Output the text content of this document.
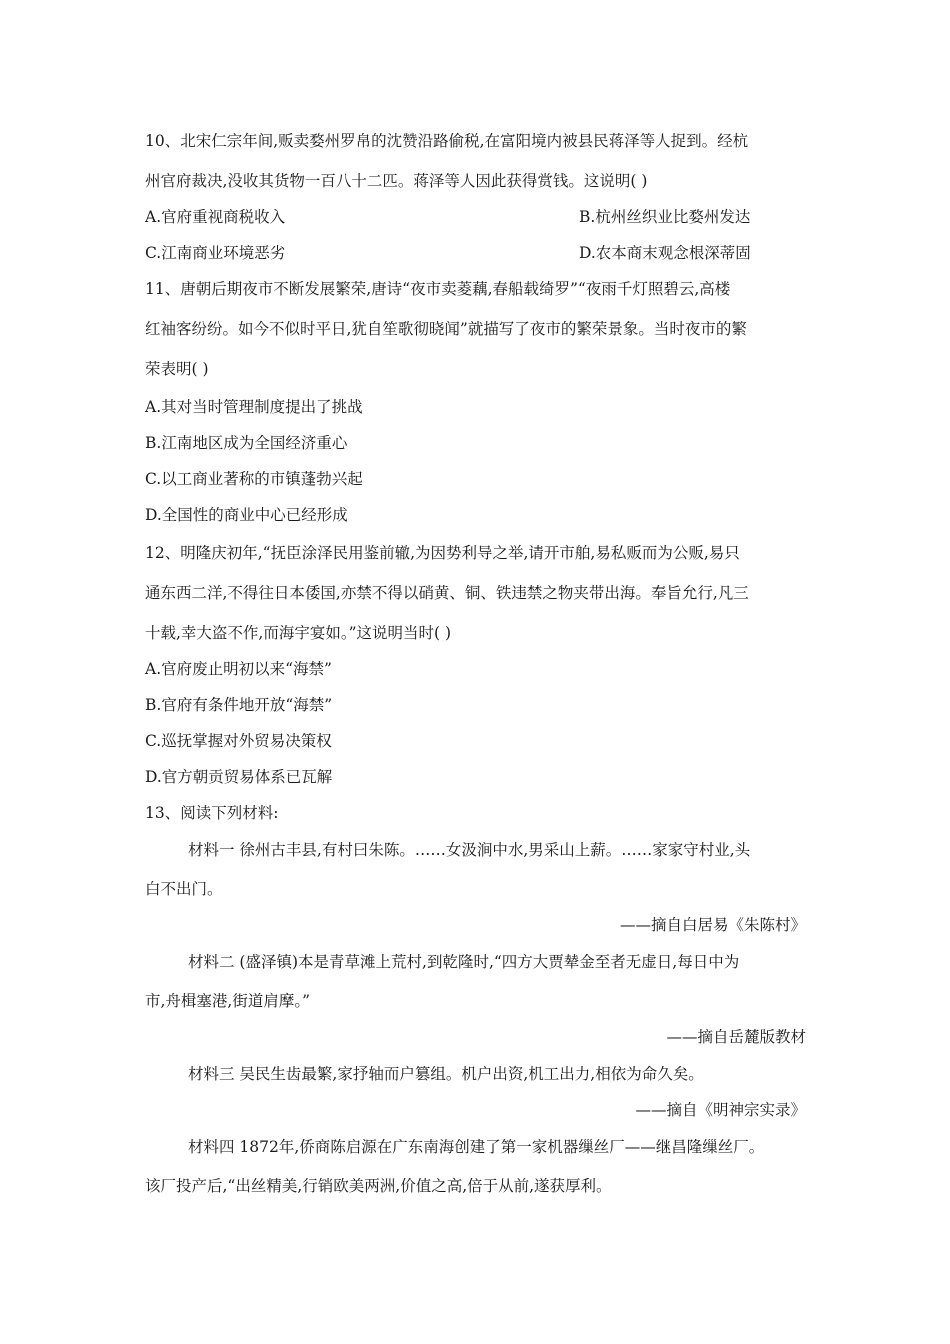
10、北宋仁宗年间,贩卖婺州罗帛的沈赞沿路偷税,在富阳境内被县民蒋泽等人捉到。经杭
州官府裁决,没收其货物一百八十二匹。蒋泽等人因此获得赏钱。这说明( )
A.官府重视商税收入	B.杭州丝织业比婺州发达
C.江南商业环境恶劣	D.农本商末观念根深蒂固
11、唐朝后期夜市不断发展繁荣,唐诗“夜市卖菱藕,春船载绮罗”“夜雨千灯照碧云,高楼
红袖客纷纷。如今不似时平日,犹自笙歌彻晓闻”就描写了夜市的繁荣景象。当时夜市的繁
荣表明( )
A.其对当时管理制度提出了挑战
B.江南地区成为全国经济重心
C.以工商业著称的市镇蓬勃兴起
D.全国性的商业中心已经形成
12、明隆庆初年,“抚臣涂泽民用鉴前辙,为因势利导之举,请开市舶,易私贩而为公贩,易只
通东西二洋,不得往日本倭国,亦禁不得以硝黄、铜、铁违禁之物夹带出海。奉旨允行,凡三
十载,幸大盗不作,而海宇宴如。”这说明当时( )
A.官府废止明初以来“海禁”
B.官府有条件地开放“海禁”
C.巡抚掌握对外贸易决策权
D.官方朝贡贸易体系已瓦解
13、阅读下列材料:
材料一 徐州古丰县,有村曰朱陈。……女汲涧中水,男采山上薪。……家家守村业,头
白不出门。
——摘自白居易《朱陈村》
材料二 (盛泽镇)本是青草滩上荒村,到乾隆时,“四方大贾辇金至者无虚日,每日中为
市,舟楫塞港,街道肩摩。”
——摘自岳麓版教材
材料三 吴民生齿最繁,家抒轴而户篡组。机户出资,机工出力,相依为命久矣。
——摘自《明神宗实录》
材料四 1872年,侨商陈启源在广东南海创建了第一家机器缫丝厂——继昌隆缫丝厂。
该厂投产后,“出丝精美,行销欧美两洲,价值之高,倍于从前,遂获厚利。
